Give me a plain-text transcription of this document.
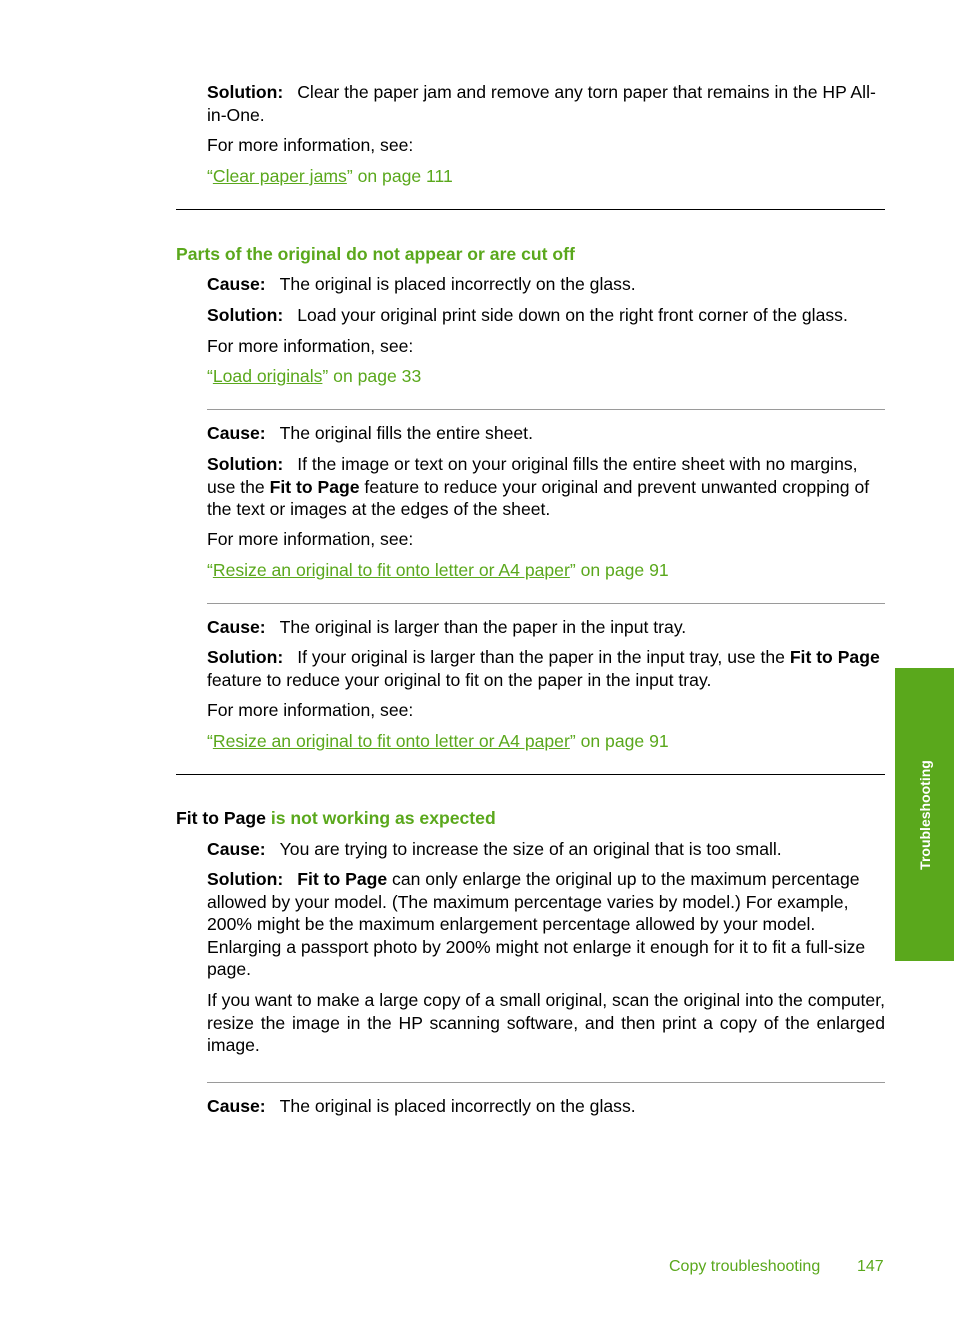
Solution: Clear the paper jam and remove any torn paper that remains in the HP All-in-One.

For more information, see:

“Clear paper jams” on page 111

Parts of the original do not appear or are cut off

Cause: The original is placed incorrectly on the glass.

Solution: Load your original print side down on the right front corner of the glass.

For more information, see:

“Load originals” on page 33

Cause: The original fills the entire sheet.

Solution: If the image or text on your original fills the entire sheet with no margins, use the Fit to Page feature to reduce your original and prevent unwanted cropping of the text or images at the edges of the sheet.

For more information, see:

“Resize an original to fit onto letter or A4 paper” on page 91

Cause: The original is larger than the paper in the input tray.

Solution: If your original is larger than the paper in the input tray, use the Fit to Page feature to reduce your original to fit on the paper in the input tray.

For more information, see:

“Resize an original to fit onto letter or A4 paper” on page 91

Fit to Page is not working as expected

Cause: You are trying to increase the size of an original that is too small.

Solution: Fit to Page can only enlarge the original up to the maximum percentage allowed by your model. (The maximum percentage varies by model.) For example, 200% might be the maximum enlargement percentage allowed by your model. Enlarging a passport photo by 200% might not enlarge it enough for it to fit a full-size page.

If you want to make a large copy of a small original, scan the original into the computer, resize the image in the HP scanning software, and then print a copy of the enlarged image.

Cause: The original is placed incorrectly on the glass.

Troubleshooting
Copy troubleshooting 147
